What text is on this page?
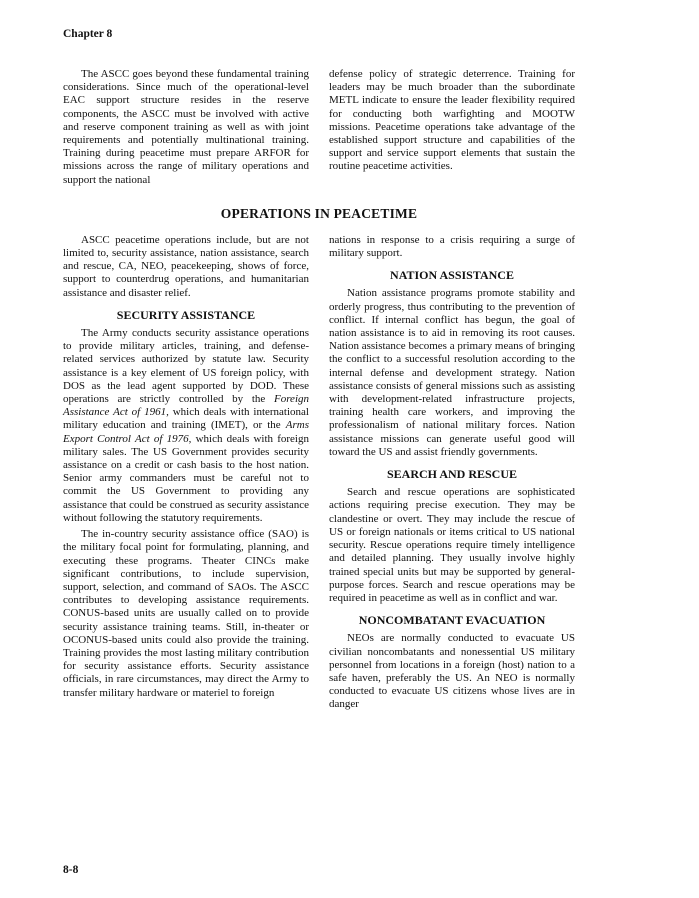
Chapter 8

The ASCC goes beyond these fundamental training considerations. Since much of the operational-level EAC support structure resides in the reserve components, the ASCC must be involved with active and reserve component training as well as with joint requirements and potentially multinational training. Training during peacetime must prepare ARFOR for missions across the range of military operations and support the national

defense policy of strategic deterrence. Training for leaders may be much broader than the subordinate METL indicate to ensure the leader flexibility required for conducting both warfighting and MOOTW missions. Peacetime operations take advantage of the established support structure and capabilities of the support and service support elements that sustain the routine peacetime activities.

OPERATIONS IN PEACETIME

ASCC peacetime operations include, but are not limited to, security assistance, nation assistance, search and rescue, CA, NEO, peacekeeping, shows of force, support to counterdrug operations, and humanitarian assistance and disaster relief.

SECURITY ASSISTANCE

The Army conducts security assistance operations to provide military articles, training, and defense-related services authorized by statute law. Security assistance is a key element of US foreign policy, with DOS as the lead agent supported by DOD. These operations are strictly controlled by the Foreign Assistance Act of 1961, which deals with international military education and training (IMET), or the Arms Export Control Act of 1976, which deals with foreign military sales. The US Government provides security assistance on a credit or cash basis to the host nation. Senior army commanders must be careful not to commit the US Government to providing any assistance that could be construed as security assistance without following the statutory requirements.

The in-country security assistance office (SAO) is the military focal point for formulating, planning, and executing these programs. Theater CINCs make significant contributions, to include supervision, support, selection, and command of SAOs. The ASCC contributes to developing assistance requirements. CONUS-based units are usually called on to provide security assistance training teams. Still, in-theater or OCONUS-based units could also provide the training. Training provides the most lasting military contribution for security assistance efforts. Security assistance officials, in rare circumstances, may direct the Army to transfer military hardware or materiel to foreign

nations in response to a crisis requiring a surge of military support.

NATION ASSISTANCE

Nation assistance programs promote stability and orderly progress, thus contributing to the prevention of conflict. If internal conflict has begun, the goal of nation assistance is to aid in removing its root causes. Nation assistance becomes a primary means of bringing the conflict to a successful resolution according to the internal defense and development strategy. Nation assistance consists of general missions such as assisting with development-related infrastructure projects, training health care workers, and improving the professionalism of national military forces. Nation assistance missions can generate useful good will toward the US and assist friendly governments.

SEARCH AND RESCUE

Search and rescue operations are sophisticated actions requiring precise execution. They may be clandestine or overt. They may include the rescue of US or foreign nationals or items critical to US national security. Rescue operations require timely intelligence and detailed planning. They usually involve highly trained special units but may be supported by general-purpose forces. Search and rescue operations may be required in peacetime as well as in conflict and war.

NONCOMBATANT EVACUATION

NEOs are normally conducted to evacuate US civilian noncombatants and nonessential US military personnel from locations in a foreign (host) nation to a safe haven, preferably the US. An NEO is normally conducted to evacuate US citizens whose lives are in danger

8-8
